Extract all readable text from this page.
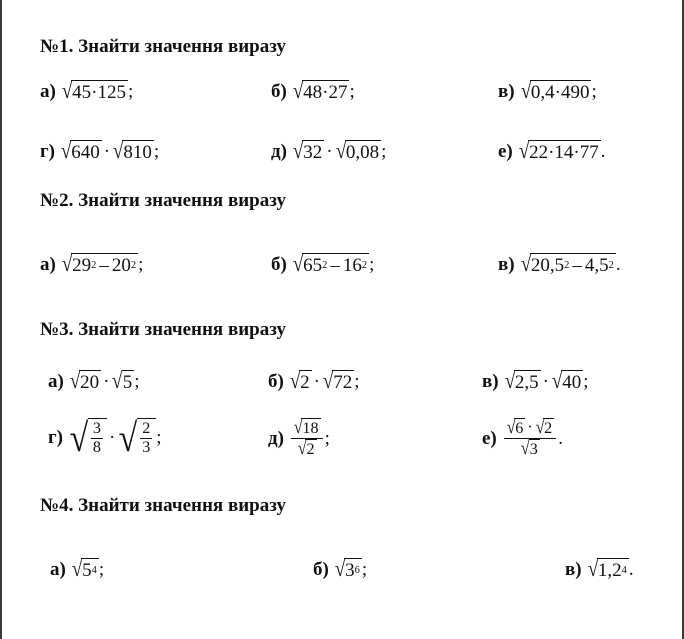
№1. Знайти значення виразу
а) √ 45·125 ;	б) √ 48·27 ;	в) √ 0,4·490 ;
г) √ 640 · √ 810 ;	д) √ 32 · √ 0,08 ;	е) √ 22·14·77 .
№2. Знайти значення виразу
а) √ 29 2 – 20 2 ;	б) √ 65 2 – 16 2 ;	в) √ 20,5 2 – 4,5 2 .
№3. Знайти значення виразу
а) √ 20 · √ 5 ;	б) √ 2 · √ 72 ;	в) √ 2,5 · √ 40 ;
г) √ $\frac{3}{8}$ · √ $\frac{2}{3}$ ;	$д) \frac{√ 18}{√ 2}$ ;	$е) \frac{√ 6 \cdot √ 2}{√ 3}$ .
№4. Знайти значення виразу
а) √ 5 4 ;	б) √ 3 6 ;	в) √ 1,2 4 .
